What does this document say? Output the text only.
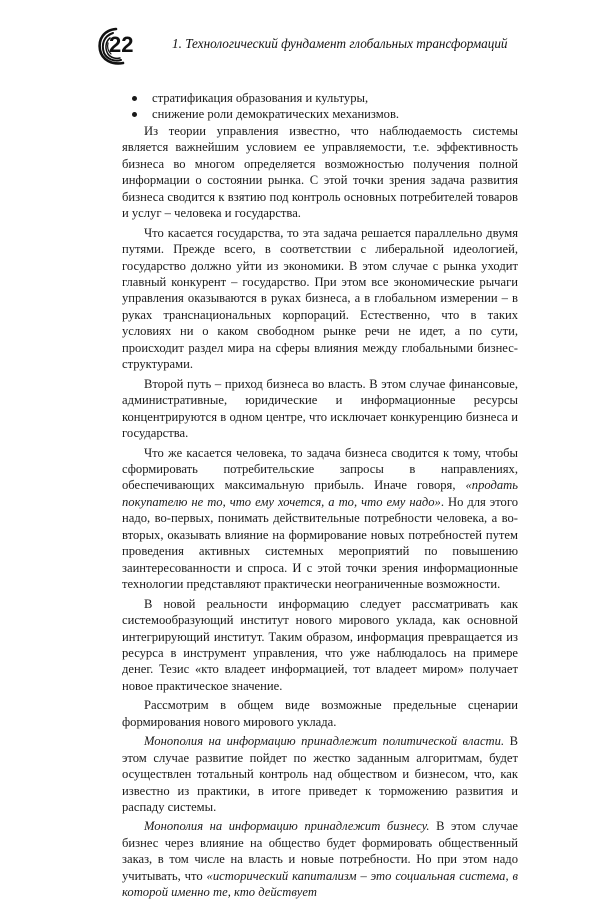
22	1. Технологический фундамент глобальных трансформаций
стратификация образования и культуры,
снижение роли демократических механизмов.

Из теории управления известно, что наблюдаемость системы является важнейшим условием ее управляемости, т.е. эффективность бизнеса во многом определяется возможностью получения полной информации о состоянии рынка. С этой точки зрения задача развития бизнеса сводится к взятию под контроль основных потребителей товаров и услуг – человека и государства.

Что касается государства, то эта задача решается параллельно двумя путями. Прежде всего, в соответствии с либеральной идеологией, государство должно уйти из экономики. В этом случае с рынка уходит главный конкурент – государство. При этом все экономические рычаги управления оказываются в руках бизнеса, а в глобальном измерении – в руках транснациональных корпораций. Естественно, что в таких условиях ни о каком свободном рынке речи не идет, а по сути, происходит раздел мира на сферы влияния между глобальными бизнес-структурами.

Второй путь – приход бизнеса во власть. В этом случае финансовые, административные, юридические и информационные ресурсы концентрируются в одном центре, что исключает конкуренцию бизнеса и государства.

Что же касается человека, то задача бизнеса сводится к тому, чтобы сформировать потребительские запросы в направлениях, обеспечивающих максимальную прибыль. Иначе говоря, «продать покупателю не то, что ему хочется, а то, что ему надо». Но для этого надо, во-первых, понимать действительные потребности человека, а во-вторых, оказывать влияние на формирование новых потребностей путем проведения активных системных мероприятий по повышению заинтересованности и спроса. И с этой точки зрения информационные технологии представляют практически неограниченные возможности.

В новой реальности информацию следует рассматривать как системообразующий институт нового мирового уклада, как основной интегрирующий институт. Таким образом, информация превращается из ресурса в инструмент управления, что уже наблюдалось на примере денег. Тезис «кто владеет информацией, тот владеет миром» получает новое практическое значение.

Рассмотрим в общем виде возможные предельные сценарии формирования нового мирового уклада.

Монополия на информацию принадлежит политической власти. В этом случае развитие пойдет по жестко заданным алгоритмам, будет осуществлен тотальный контроль над обществом и бизнесом, что, как известно из практики, в итоге приведет к торможению развития и распаду системы.

Монополия на информацию принадлежит бизнесу. В этом случае бизнес через влияние на общество будет формировать общественный заказ, в том числе на власть и новые потребности. Но при этом надо учитывать, что «исторический капитализм – это социальная система, в которой именно те, кто действует
